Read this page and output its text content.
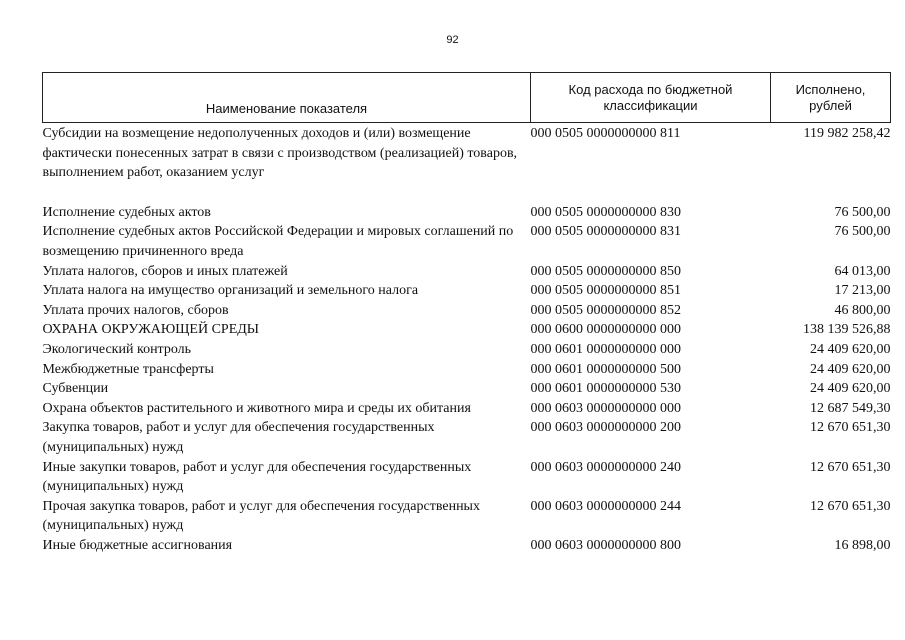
92
Наименование показателя	Код расхода по бюджетной классификации	Исполнено, рублей
Субсидии на возмещение недополученных доходов и (или) возмещение фактически понесенных затрат в связи с производством (реализацией) товаров, выполнением работ, оказанием услуг	000 0505 0000000000 811	119 982 258,42

Исполнение судебных актов	000 0505 0000000000 830	76 500,00
Исполнение судебных актов Российской Федерации и мировых соглашений по возмещению причиненного вреда	000 0505 0000000000 831	76 500,00
Уплата налогов, сборов и иных платежей	000 0505 0000000000 850	64 013,00
Уплата налога на имущество организаций и земельного налога	000 0505 0000000000 851	17 213,00
Уплата прочих налогов, сборов	000 0505 0000000000 852	46 800,00
ОХРАНА ОКРУЖАЮЩЕЙ СРЕДЫ	000 0600 0000000000 000	138 139 526,88
Экологический контроль	000 0601 0000000000 000	24 409 620,00
Межбюджетные трансферты	000 0601 0000000000 500	24 409 620,00
Субвенции	000 0601 0000000000 530	24 409 620,00
Охрана объектов растительного и животного мира и среды их обитания	000 0603 0000000000 000	12 687 549,30
Закупка товаров, работ и услуг для обеспечения государственных (муниципальных) нужд	000 0603 0000000000 200	12 670 651,30
Иные закупки товаров, работ и услуг для обеспечения государственных (муниципальных) нужд	000 0603 0000000000 240	12 670 651,30
Прочая закупка товаров, работ и услуг для обеспечения государственных (муниципальных) нужд	000 0603 0000000000 244	12 670 651,30
Иные бюджетные ассигнования	000 0603 0000000000 800	16 898,00
